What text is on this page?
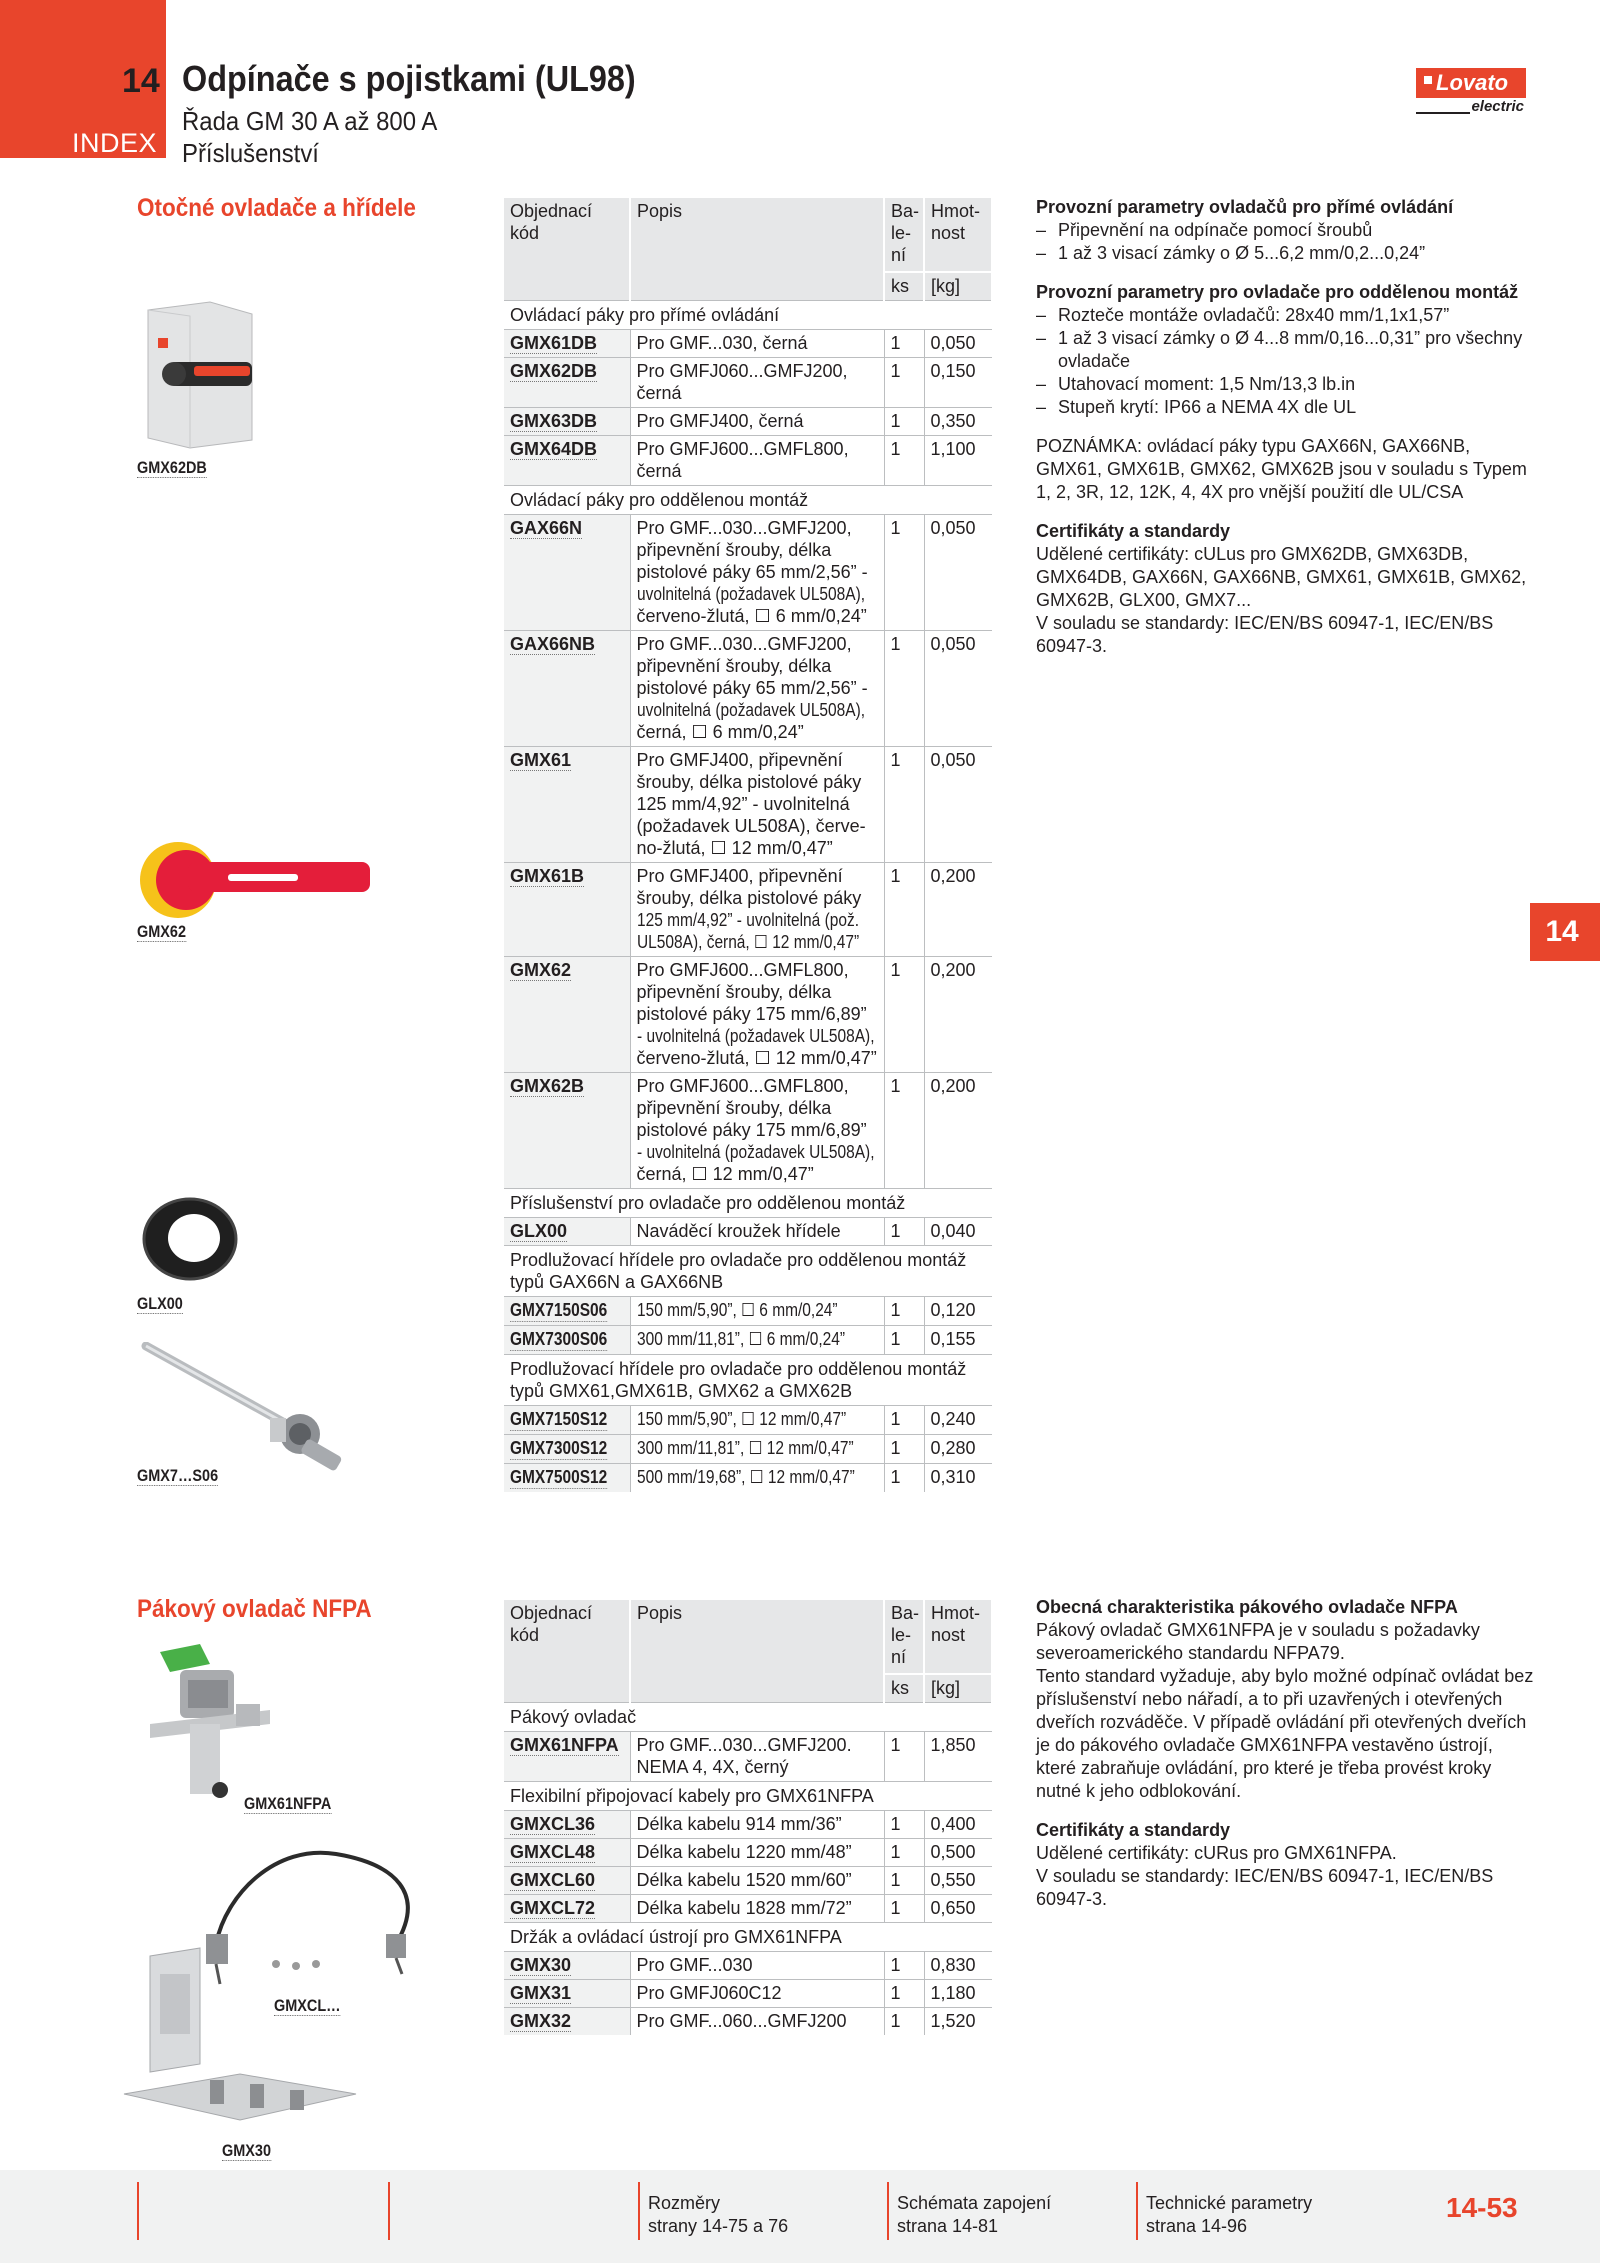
14
INDEX
Odpínače s pojistkami (UL98)
Řada GM 30 A až 800 A
Příslušenství
Lovato
electric
Otočné ovladače a hřídele
GMX62DB
GMX62
GLX00
GMX7…S06
Objednací kód	Popis	Ba-
le-
ní	Hmot-
nost
		ks	[kg]
Ovládací páky pro přímé ovládání			
GMX61DB	Pro GMF...030, černá	1	0,050
GMX62DB	Pro GMFJ060...GMFJ200, černá	1	0,150
GMX63DB	Pro GMFJ400, černá	1	0,350
GMX64DB	Pro GMFJ600...GMFL800, černá	1	1,100
Ovládací páky pro oddělenou montáž			
GAX66N	Pro GMF...030...GMFJ200,
připevnění šrouby, délka
pistolové páky 65 mm/2,56” -
uvolnitelná (požadavek UL508A),
červeno-žlutá, ☐ 6 mm/0,24”	1	0,050
GAX66NB	Pro GMF...030...GMFJ200,
připevnění šrouby, délka
pistolové páky 65 mm/2,56” -
uvolnitelná (požadavek UL508A),
černá, ☐ 6 mm/0,24”	1	0,050
GMX61	Pro GMFJ400, připevnění
šrouby, délka pistolové páky
125 mm/4,92” - uvolnitelná
(požadavek UL508A), červe-
no-žlutá, ☐ 12 mm/0,47”	1	0,050
GMX61B	Pro GMFJ400, připevnění
šrouby, délka pistolové páky
125 mm/4,92” - uvolnitelná (pož.UL508A), černá, ☐ 12 mm/0,47”	1	0,200
GMX62	Pro GMFJ600...GMFL800,
připevnění šrouby, délka
pistolové páky 175 mm/6,89”
- uvolnitelná (požadavek UL508A),
červeno-žlutá, ☐ 12 mm/0,47”	1	0,200
GMX62B	Pro GMFJ600...GMFL800,
připevnění šrouby, délka
pistolové páky 175 mm/6,89”
- uvolnitelná (požadavek UL508A),
černá, ☐ 12 mm/0,47”	1	0,200
Příslušenství pro ovladače pro oddělenou montáž			
GLX00	Naváděcí kroužek hřídele	1	0,040
Prodlužovací hřídele pro ovladače pro oddělenou montáž typů GAX66N a GAX66NB			
GMX7150S06	150 mm/5,90”, ☐ 6 mm/0,24”	1	0,120
GMX7300S06	300 mm/11,81”, ☐ 6 mm/0,24”	1	0,155
Prodlužovací hřídele pro ovladače pro oddělenou montáž typů GMX61,GMX61B, GMX62 a GMX62B			
GMX7150S12	150 mm/5,90”, ☐ 12 mm/0,47”	1	0,240
GMX7300S12	300 mm/11,81”, ☐ 12 mm/0,47”	1	0,280
GMX7500S12	500 mm/19,68”, ☐ 12 mm/0,47”	1	0,310
Provozní parametry ovladačů pro přímé ovládání
– Připevnění na odpínače pomocí šroubů
– 1 až 3 visací zámky o Ø 5...6,2 mm/0,2...0,24”
Provozní parametry pro ovladače pro oddělenou montáž
– Rozteče montáže ovladačů: 28x40 mm/1,1x1,57”
– 1 až 3 visací zámky o Ø 4...8 mm/0,16...0,31” pro všechny ovladače
– Utahovací moment: 1,5 Nm/13,3 lb.in
– Stupeň krytí: IP66 a NEMA 4X dle UL

POZNÁMKA: ovládací páky typu GAX66N, GAX66NB, GMX61, GMX61B, GMX62, GMX62B jsou v souladu s Typem 1, 2, 3R, 12, 12K, 4, 4X pro vnější použití dle UL/CSA

Certifikáty a standardy

Udělené certifikáty: cULus pro GMX62DB, GMX63DB, GMX64DB, GAX66N, GAX66NB, GMX61, GMX61B, GMX62, GMX62B, GLX00, GMX7...

V souladu se standardy: IEC/EN/BS 60947-1, IEC/EN/BS 60947-3.

Pákový ovladač NFPA
GMX61NFPA
GMXCL…
GMX30
Objednací kód	Popis	Ba-
le-
ní	Hmot-
nost
		ks	[kg]
Pákový ovladač			
GMX61NFPA	Pro GMF...030...GMFJ200.
NEMA 4, 4X, černý	1	1,850
Flexibilní připojovací kabely pro GMX61NFPA			
GMXCL36	Délka kabelu 914 mm/36”	1	0,400
GMXCL48	Délka kabelu 1220 mm/48”	1	0,500
GMXCL60	Délka kabelu 1520 mm/60”	1	0,550
GMXCL72	Délka kabelu 1828 mm/72”	1	0,650
Držák a ovládací ústrojí pro GMX61NFPA			
GMX30	Pro GMF...030	1	0,830
GMX31	Pro GMFJ060C12	1	1,180
GMX32	Pro GMF...060...GMFJ200	1	1,520
Obecná charakteristika pákového ovladače NFPA

Pákový ovladač GMX61NFPA je v souladu s požadavky severoamerického standardu NFPA79.

Tento standard vyžaduje, aby bylo možné odpínač ovládat bez příslušenství nebo nářadí, a to při uzavřených i otevřených dveřích rozváděče. V případě ovládání při otevřených dveřích je do pákového ovladače GMX61NFPA vestavěno ústrojí, které zabraňuje ovládání, pro které je třeba provést kroky nutné k jeho odblokování.

Certifikáty a standardy

Udělené certifikáty: cURus pro GMX61NFPA.

V souladu se standardy: IEC/EN/BS 60947-1, IEC/EN/BS 60947-3.

14
Rozměry
strany 14-75 a 76
Schémata zapojení
strana 14-81
Technické parametry
strana 14-96
14-53
